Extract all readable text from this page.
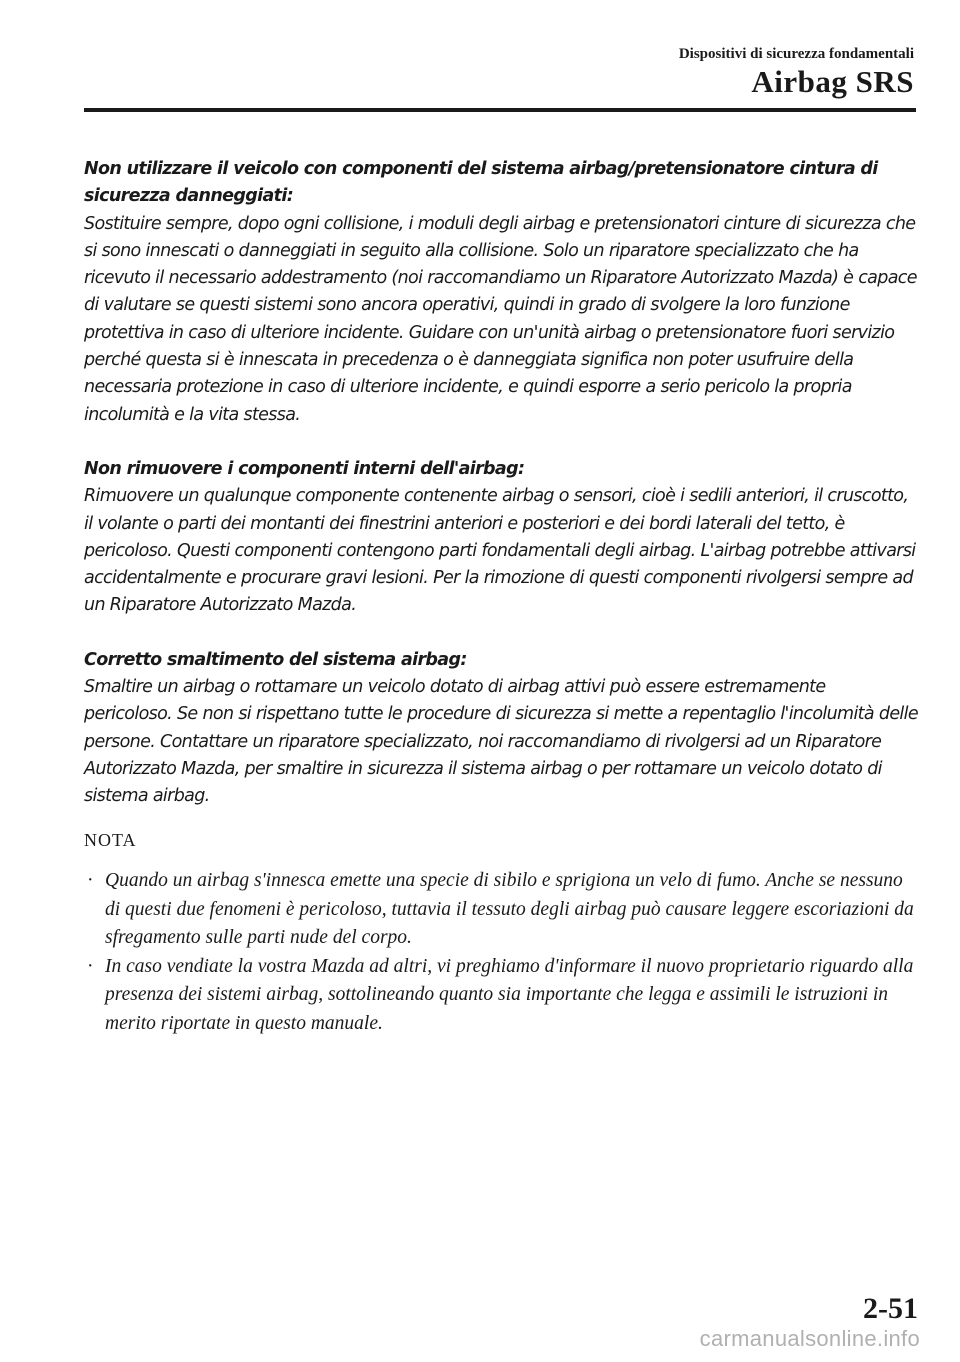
Dispositivi di sicurezza fondamentali
Airbag SRS
Non utilizzare il veicolo con componenti del sistema airbag/pretensionatore cintura di sicurezza danneggiati:
Sostituire sempre, dopo ogni collisione, i moduli degli airbag e pretensionatori cinture di sicurezza che si sono innescati o danneggiati in seguito alla collisione. Solo un riparatore specializzato che ha ricevuto il necessario addestramento (noi raccomandiamo un Riparatore Autorizzato Mazda) è capace di valutare se questi sistemi sono ancora operativi, quindi in grado di svolgere la loro funzione protettiva in caso di ulteriore incidente. Guidare con un'unità airbag o pretensionatore fuori servizio perché questa si è innescata in precedenza o è danneggiata significa non poter usufruire della necessaria protezione in caso di ulteriore incidente, e quindi esporre a serio pericolo la propria incolumità e la vita stessa.
Non rimuovere i componenti interni dell'airbag:
Rimuovere un qualunque componente contenente airbag o sensori, cioè i sedili anteriori, il cruscotto, il volante o parti dei montanti dei finestrini anteriori e posteriori e dei bordi laterali del tetto, è pericoloso. Questi componenti contengono parti fondamentali degli airbag. L'airbag potrebbe attivarsi accidentalmente e procurare gravi lesioni. Per la rimozione di questi componenti rivolgersi sempre ad un Riparatore Autorizzato Mazda.
Corretto smaltimento del sistema airbag:
Smaltire un airbag o rottamare un veicolo dotato di airbag attivi può essere estremamente pericoloso. Se non si rispettano tutte le procedure di sicurezza si mette a repentaglio l'incolumità delle persone. Contattare un riparatore specializzato, noi raccomandiamo di rivolgersi ad un Riparatore Autorizzato Mazda, per smaltire in sicurezza il sistema airbag o per rottamare un veicolo dotato di sistema airbag.
NOTA
· Quando un airbag s'innesca emette una specie di sibilo e sprigiona un velo di fumo. Anche se nessuno di questi due fenomeni è pericoloso, tuttavia il tessuto degli airbag può causare leggere escoriazioni da sfregamento sulle parti nude del corpo.
· In caso vendiate la vostra Mazda ad altri, vi preghiamo d'informare il nuovo proprietario riguardo alla presenza dei sistemi airbag, sottolineando quanto sia importante che legga e assimili le istruzioni in merito riportate in questo manuale.
2-51
carmanualsonline.info
